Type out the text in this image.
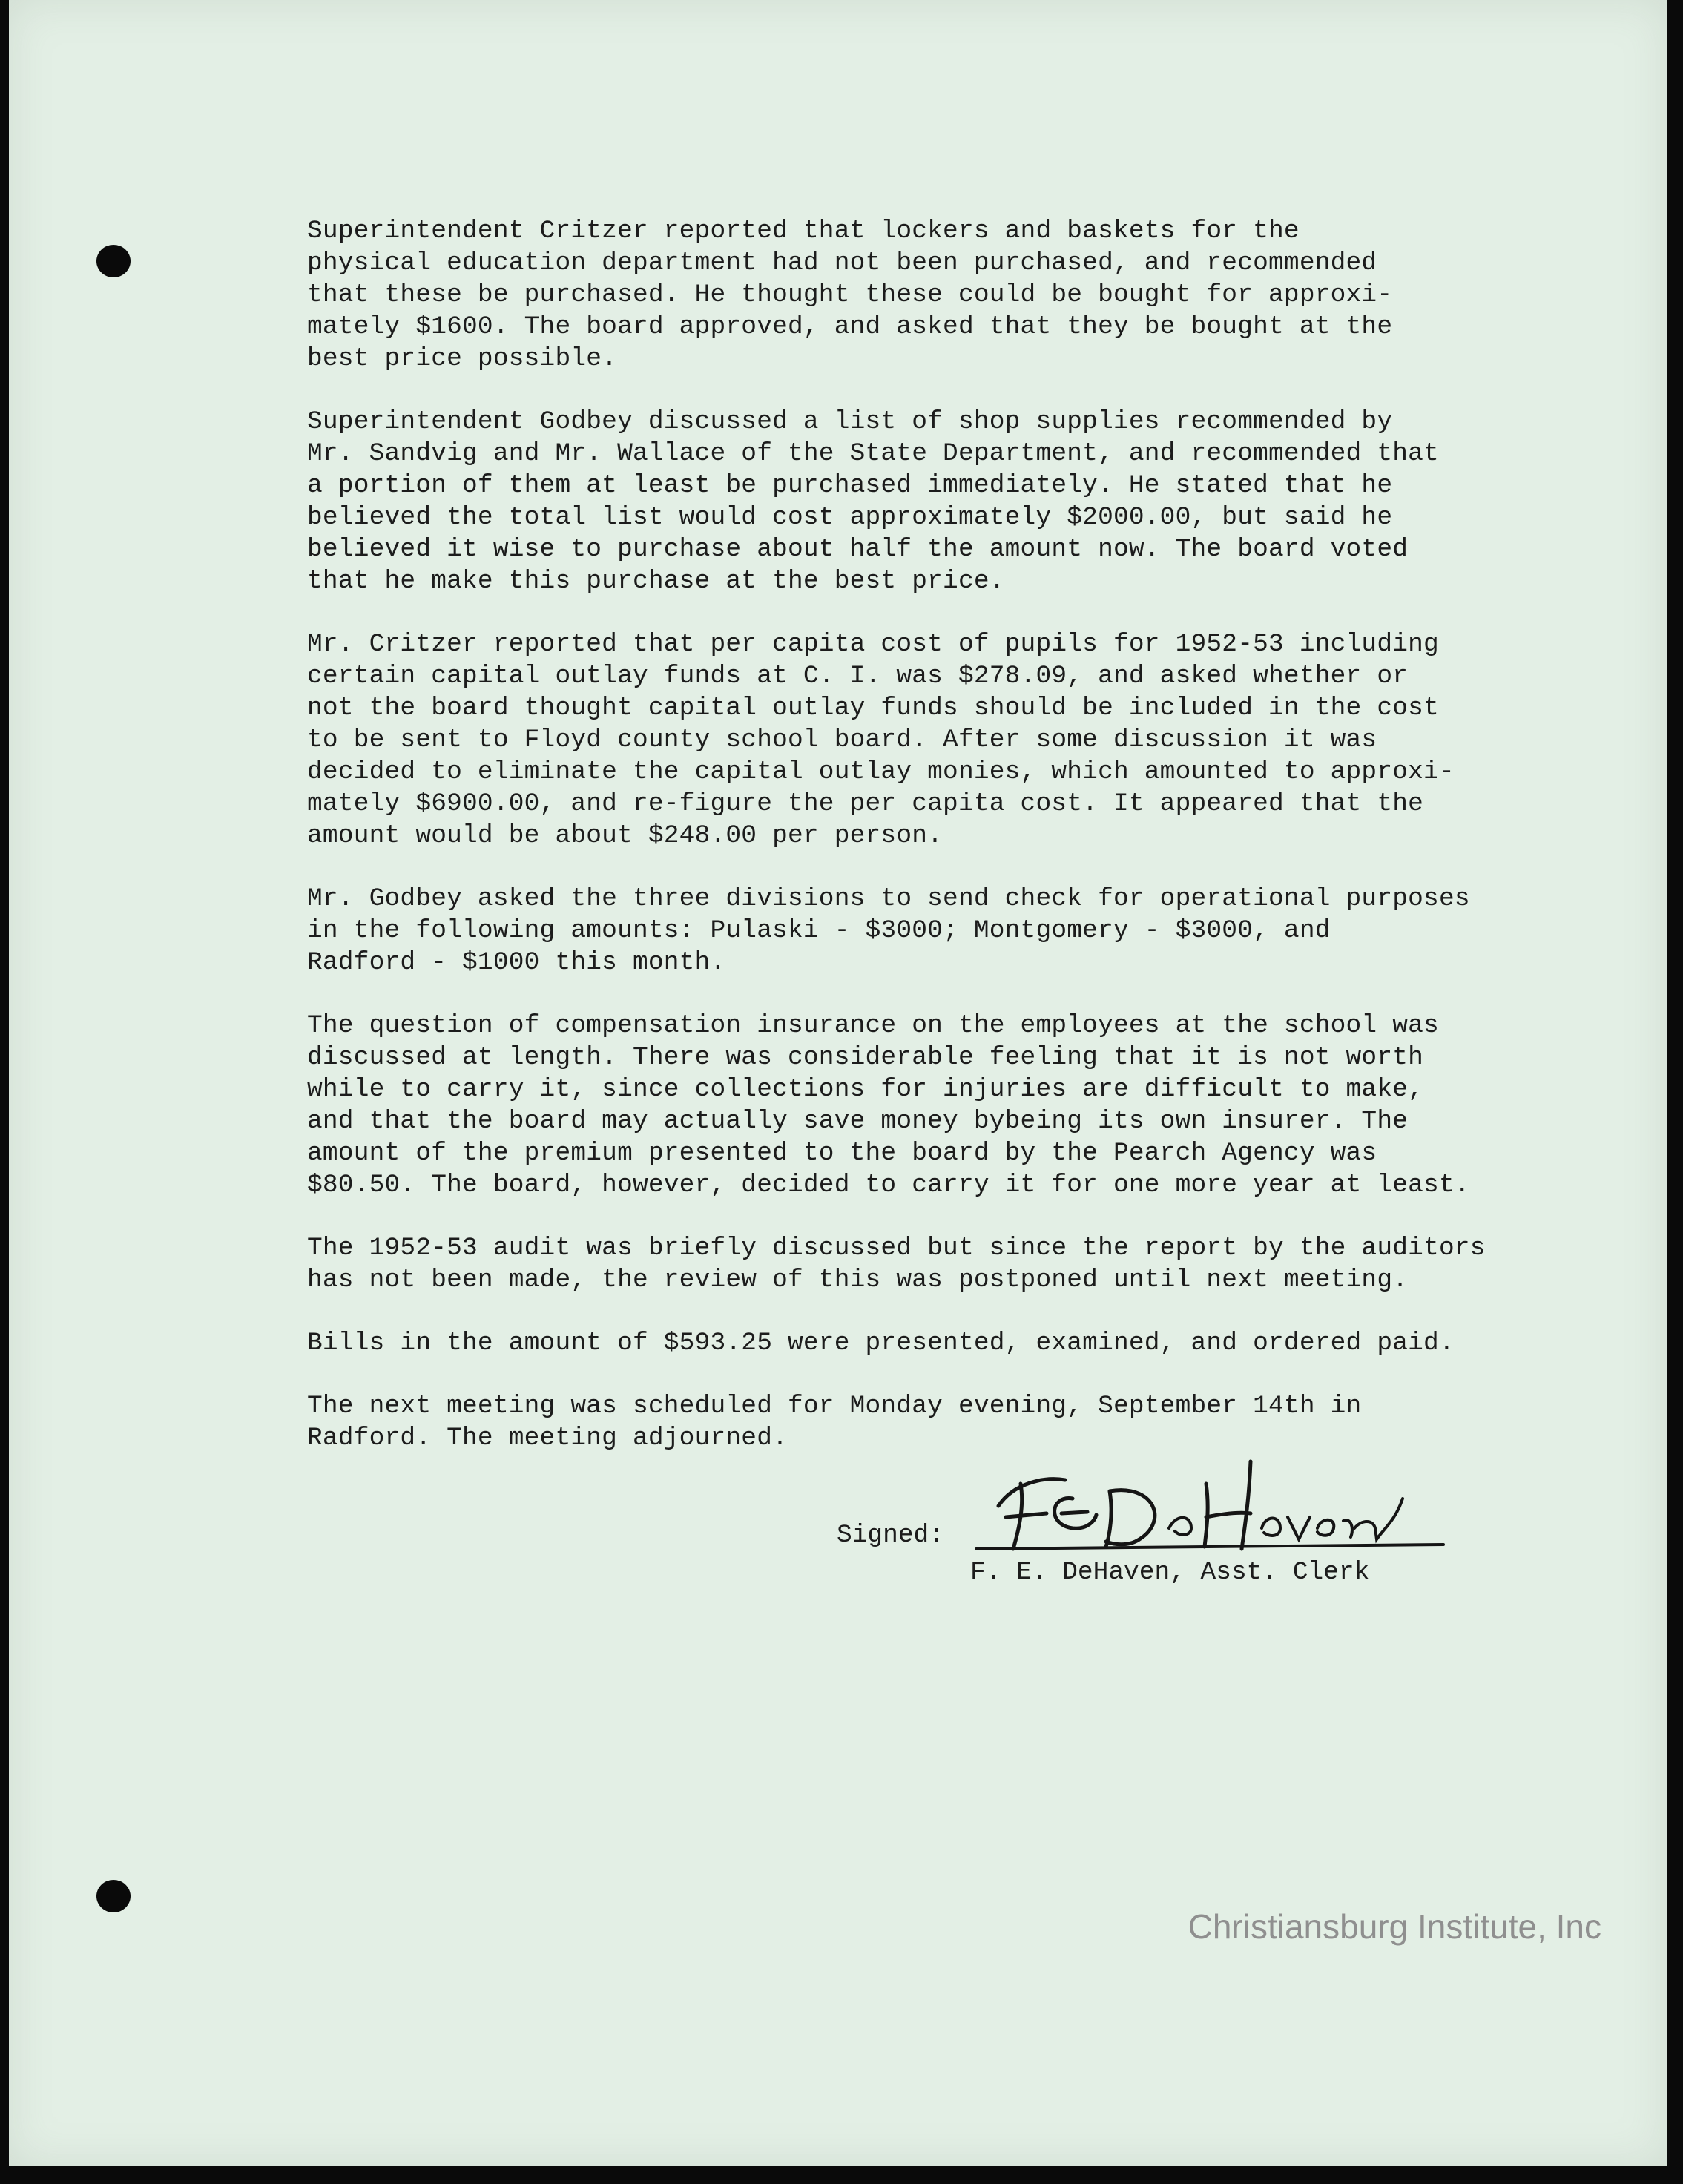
Superintendent Critzer reported that lockers and baskets for the
physical education department had not been purchased, and recommended
that these be purchased. He thought these could be bought for approxi-
mately $1600. The board approved, and asked that they be bought at the
best price possible.

Superintendent Godbey discussed a list of shop supplies recommended by
Mr. Sandvig and Mr. Wallace of the State Department, and recommended that
a portion of them at least be purchased immediately. He stated that he
believed the total list would cost approximately $2000.00, but said he
believed it wise to purchase about half the amount now. The board voted
that he make this purchase at the best price.

Mr. Critzer reported that per capita cost of pupils for 1952-53 including
certain capital outlay funds at C. I. was $278.09, and asked whether or
not the board thought capital outlay funds should be included in the cost
to be sent to Floyd county school board. After some discussion it was
decided to eliminate the capital outlay monies, which amounted to approxi-
mately $6900.00, and re-figure the per capita cost. It appeared that the
amount would be about $248.00 per person.

Mr. Godbey asked the three divisions to send check for operational purposes
in the following amounts: Pulaski - $3000; Montgomery - $3000, and
Radford - $1000 this month.

The question of compensation insurance on the employees at the school was
discussed at length. There was considerable feeling that it is not worth
while to carry it, since collections for injuries are difficult to make,
and that the board may actually save money bybeing its own insurer. The
amount of the premium presented to the board by the Pearch Agency was
$80.50. The board, however, decided to carry it for one more year at least.

The 1952-53 audit was briefly discussed but since the report by the auditors
has not been made, the review of this was postponed until next meeting.

Bills in the amount of $593.25 were presented, examined, and ordered paid.

The next meeting was scheduled for Monday evening, September 14th in
Radford. The meeting adjourned.

Signed:
F. E. DeHaven, Asst. Clerk
Christiansburg Institute, Inc
